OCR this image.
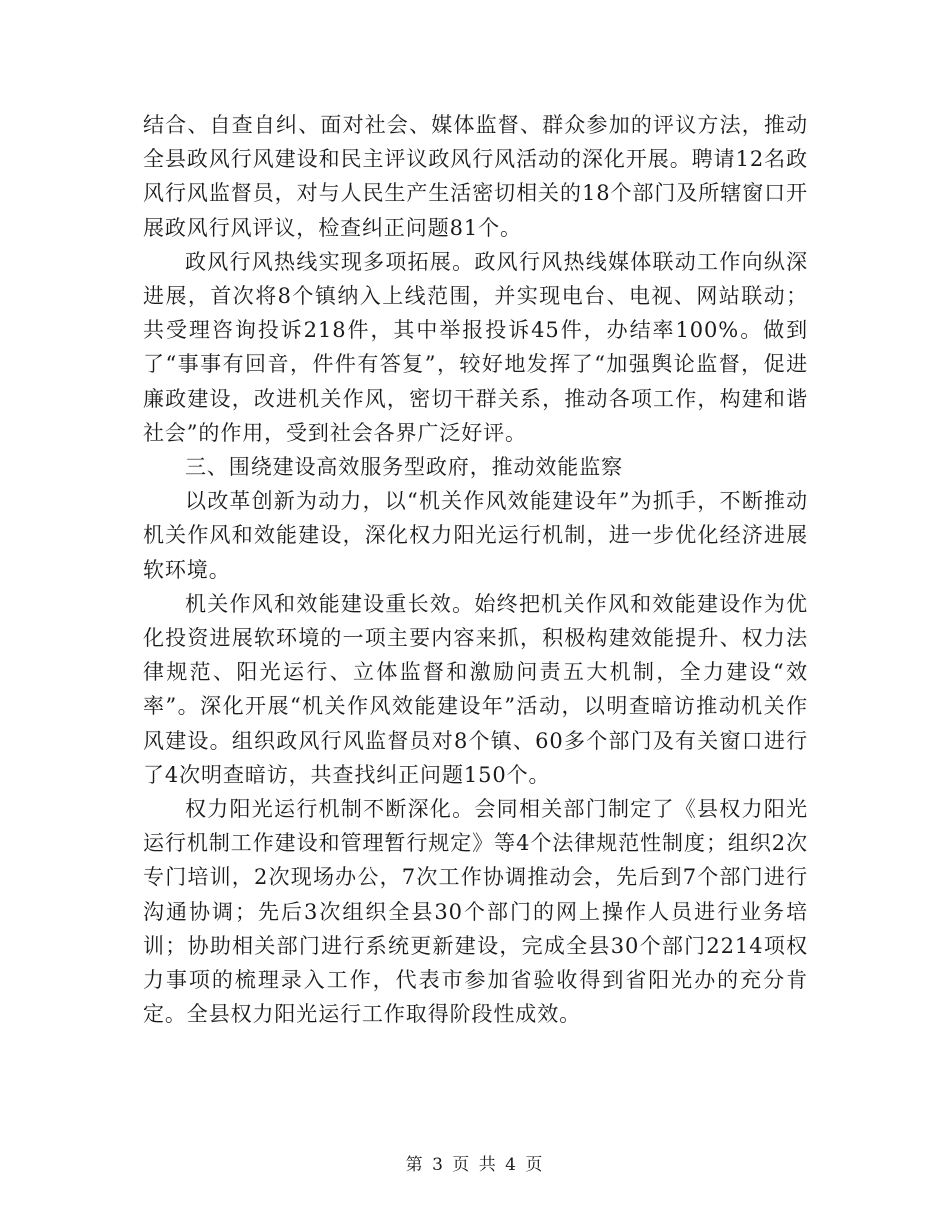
结合、自查自纠、面对社会、媒体监督、群众参加的评议方法，推动全县政风行风建设和民主评议政风行风活动的深化开展。聘请12名政风行风监督员，对与人民生产生活密切相关的18个部门及所辖窗口开展政风行风评议，检查纠正问题81个。

政风行风热线实现多项拓展。政风行风热线媒体联动工作向纵深进展，首次将8个镇纳入上线范围，并实现电台、电视、网站联动；共受理咨询投诉218件，其中举报投诉45件，办结率100%。做到了“事事有回音，件件有答复”，较好地发挥了“加强舆论监督，促进廉政建设，改进机关作风，密切干群关系，推动各项工作，构建和谐社会”的作用，受到社会各界广泛好评。

三、围绕建设高效服务型政府，推动效能监察

以改革创新为动力，以“机关作风效能建设年”为抓手，不断推动机关作风和效能建设，深化权力阳光运行机制，进一步优化经济进展软环境。

机关作风和效能建设重长效。始终把机关作风和效能建设作为优化投资进展软环境的一项主要内容来抓，积极构建效能提升、权力法律规范、阳光运行、立体监督和激励问责五大机制，全力建设“效率”。深化开展“机关作风效能建设年”活动，以明查暗访推动机关作风建设。组织政风行风监督员对8个镇、60多个部门及有关窗口进行了4次明查暗访，共查找纠正问题150个。

权力阳光运行机制不断深化。会同相关部门制定了《县权力阳光运行机制工作建设和管理暂行规定》等4个法律规范性制度；组织2次专门培训，2次现场办公，7次工作协调推动会，先后到7个部门进行沟通协调；先后3次组织全县30个部门的网上操作人员进行业务培训；协助相关部门进行系统更新建设，完成全县30个部门2214项权力事项的梳理录入工作，代表市参加省验收得到省阳光办的充分肯定。全县权力阳光运行工作取得阶段性成效。

第 3 页 共 4 页
